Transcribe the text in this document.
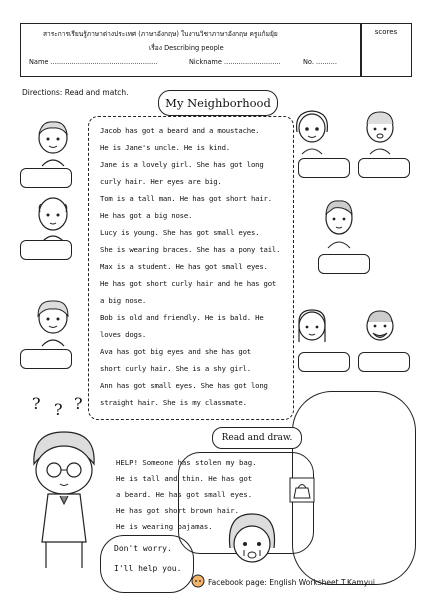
สาระการเรียนรู้ภาษาต่างประเทศ (ภาษาอังกฤษ) ใบงานวิชาภาษาอังกฤษ ครูแก้มยุ้ย
เรื่อง Describing people
Name ...................................................	Nickname ...........................	No. ..........
scores
Directions: Read and match.
My Neighborhood
Jacob has got a beard and a moustache.
He is Jane's uncle. He is kind.
Jane is a lovely girl. She has got long
curly hair. Her eyes are big.
Tom is a tall man. He has got short hair.
He has got a big nose.
Lucy is young. She has got small eyes.
She is wearing braces. She has a pony tail.
Max is a student. He has got small eyes.
He has got short curly hair and he has got
a big nose.
Bob is old and friendly. He is bald. He
loves dogs.
Ava has got big eyes and she has got
short curly hair. She is a shy girl.
Ann has got small eyes. She has got long
straight hair. She is my classmate.
Read and draw.
HELP! Someone has stolen my bag.
He is tall and thin. He has got
a beard. He has got small eyes.
He has got short brown hair.
He is wearing pajamas.
? ? ?
Don't worry.
I'll help you.
Facebook page: English Worksheet T.Kamyui
